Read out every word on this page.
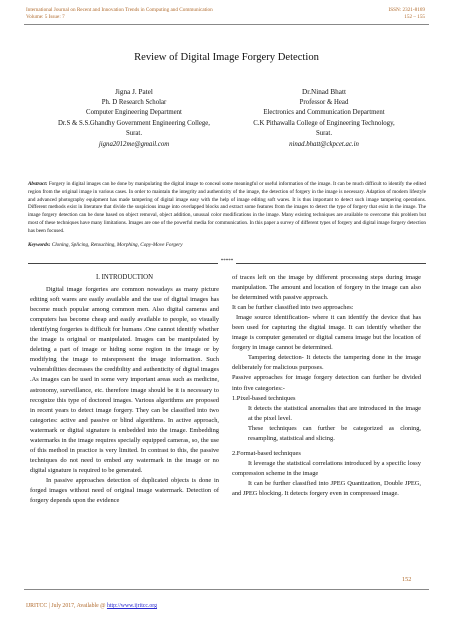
International Journal on Recent and Innovation Trends in Computing and Communication
Volume: 5 Issue: 7
ISSN: 2321-8169
152 – 155
Review of Digital Image Forgery Detection
Jigna J. Patel
Ph. D Research Scholar
Computer Engineering Department
Dr.S & S.S.Ghandhy Government Engineering College,
Surat.
jigna2012me@gmail.com
Dr.Ninad Bhatt
Professor & Head
Electronics and Communication Department
C.K Pithawalla College of Engineering Technology,
Surat.
ninad.bhatt@ckpcet.ac.in
Abstract: Forgery in digital images can be done by manipulating the digital image to conceal some meaningful or useful information of the image. It can be much difficult to identify the edited region from the original image in various cases. In order to maintain the integrity and authenticity of the image, the detection of forgery in the image is necessary. Adaption of modern lifestyle and advanced photography equipment has made tampering of digital image easy with the help of image editing soft wares. It is thus important to detect such image tampering operations. Different methods exist in literature that divide the suspicious image into overlapped blocks and extract some features from the images to detect the type of forgery that exist in the image. The image forgery detection can be done based on object removal, object addition, unusual color modifications in the image. Many existing techniques are available to overcome this problem but most of these techniques have many limitations. Images are one of the powerful media for communication. In this paper a survey of different types of forgery and digital image forgery detection has been focused.
Keywords: Cloning, Splicing, Retouching, Morphing, Copy-Move Forgery
*****
I. INTRODUCTION

Digital image forgeries are common nowadays as many picture editing soft wares are easily available and the use of digital images has become much popular among common men. Also digital cameras and computers has become cheap and easily available to people, so visually identifying forgeries is difficult for humans .One cannot identify whether the image is original or manipulated. Images can be manipulated by deleting a part of image or hiding some region in the image or by modifying the image to misrepresent the image information. Such vulnerabilities decreases the credibility and authenticity of digital images .As images can be used in some very important areas such as medicine, astronomy, surveillance, etc. therefore image should be it is necessary to recognize this type of doctored images. Various algorithms are proposed in recent years to detect image forgery. They can be classified into two categories: active and passive or blind algorithms. In active approach, watermark or digital signature is embedded into the image. Embedding watermarks in the image requires specially equipped cameras, so, the use of this method in practice is very limited. In contrast to this, the passive techniques do not need to embed any watermark in the image or no digital signature is required to be generated.

In passive approaches detection of duplicated objects is done in forged images without need of original image watermark. Detection of forgery depends upon the evidence

of traces left on the image by different processing steps during image manipulation. The amount and location of forgery in the image can also be determined with passive approach.

It can be further classified into two approaches:

Image source identification- where it can identify the device that has been used for capturing the digital image. It can identify whether the image is computer generated or digital camera image but the location of forgery in image cannot be determined.

Tampering detection- It detects the tampering done in the image deliberately for malicious purposes.

Passive approaches for image forgery detection can further be divided into five categories:-

1.Pixel-based techniques

It detects the statistical anomalies that are introduced in the image at the pixel level.

These techniques can further be categorized as cloning, resampling, statistical and slicing.

2.Format-based techniques

It leverage the statistical correlations introduced by a specific lossy compression scheme in the image

It can be further classified into JPEG Quantization, Double JPEG, and JPEG blocking. It detects forgery even in compressed image.

152
IJRITCC | July 2017, Available @ http://www.ijritcc.org
